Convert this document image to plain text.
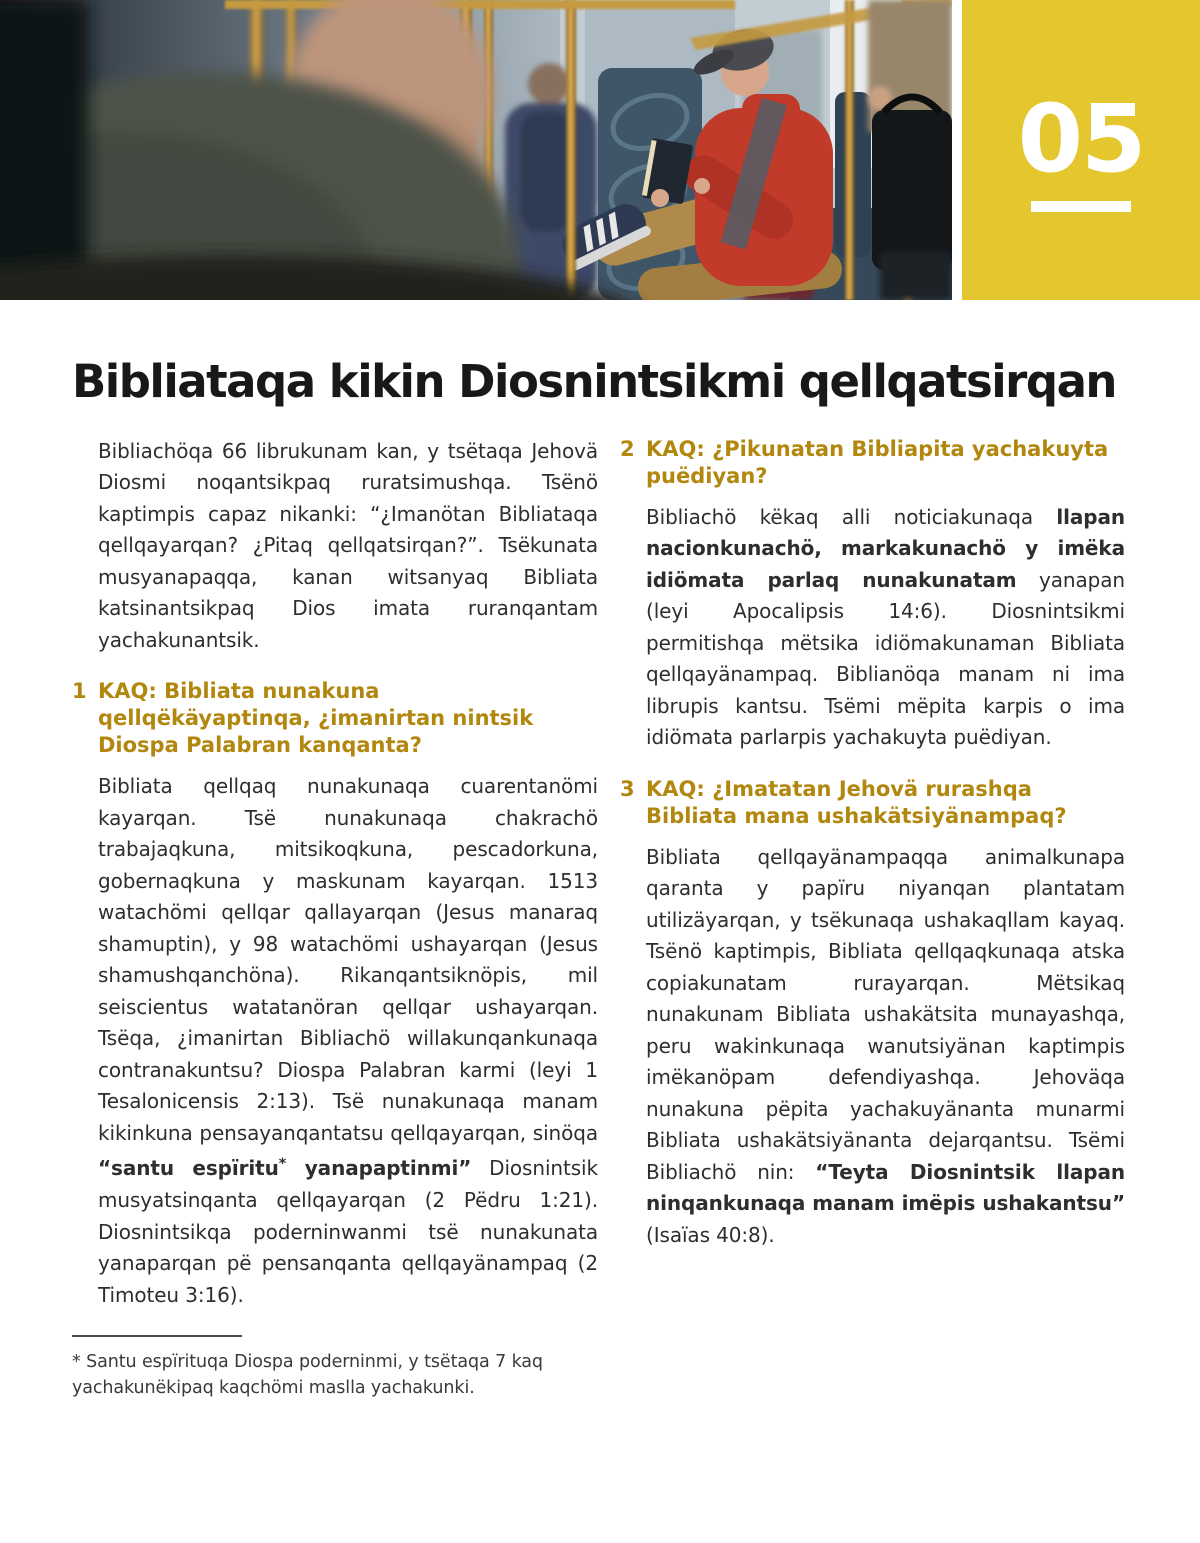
05
Bibliataqa kikin Diosnintsikmi qellqatsirqan

Bibliachöqa 66 librukunam kan, y tsëtaqa Jehovä Diosmi noqantsikpaq ruratsimushqa. Tsënö kaptimpis capaz nikanki: “¿Imanötan Bibliataqa qellqayarqan? ¿Pitaq qellqatsirqan?”. Tsëkunata musyanapaqqa, kanan witsanyaq Bibliata katsinantsikpaq Dios imata ruranqantam yachakunantsik.

1 KAQ: Bibliata nunakuna qellqëkäyaptinqa, ¿imanirtan nintsik Diospa Palabran kanqanta?

Bibliata qellqaq nunakunaqa cuarentanömi kayarqan. Tsë nunakunaqa chakrachö trabajaqkuna, mitsikoqkuna, pescadorkuna, gobernaqkuna y maskunam kayarqan. 1513 watachömi qellqar qallayarqan (Jesus manaraq shamuptin), y 98 watachömi ushayarqan (Jesus shamushqanchöna). Rikanqantsiknöpis, mil seiscientus watatanöran qellqar ushayarqan. Tsëqa, ¿imanirtan Bibliachö willakunqankunaqa contranakuntsu? Diospa Palabran karmi (leyi 1 Tesalonicensis 2:13). Tsë nunakunaqa manam kikinkuna pensayanqantatsu qellqayarqan, sinöqa “santu espïritu* yanapaptinmi” Diosnintsik musyatsinqanta qellqayarqan (2 Pëdru 1:21). Diosnintsikqa poderninwanmi tsë nunakunata yanaparqan pë pensanqanta qellqayänampaq (2 Timoteu 3:16).

* Santu espïrituqa Diospa poderninmi, y tsëtaqa 7 kaq yachakunëkipaq kaqchömi maslla yachakunki.

2 KAQ: ¿Pikunatan Bibliapita yachakuyta puëdiyan?

Bibliachö këkaq alli noticiakunaqa llapan nacionkunachö, markakunachö y imëka idiömata parlaq nunakunatam yanapan (leyi Apocalipsis 14:6). Diosnintsikmi permitishqa mëtsika idiömakunaman Bibliata qellqayänampaq. Biblianöqa manam ni ima librupis kantsu. Tsëmi mëpita karpis o ima idiömata parlarpis yachakuyta puëdiyan.

3 KAQ: ¿Imatatan Jehovä rurashqa Bibliata mana ushakätsiyänampaq?

Bibliata qellqayänampaqqa animalkunapa qaranta y papïru niyanqan plantatam utilizäyarqan, y tsëkunaqa ushakaqllam kayaq. Tsënö kaptimpis, Bibliata qellqaqkunaqa atska copiakunatam rurayarqan. Mëtsikaq nunakunam Bibliata ushakätsita munayashqa, peru wakinkunaqa wanutsiyänan kaptimpis imëkanöpam defendiyashqa. Jehoväqa nunakuna pëpita yachakuyänanta munarmi Bibliata ushakätsiyänanta dejarqantsu. Tsëmi Bibliachö nin: “Teyta Diosnintsik llapan ninqankunaqa manam imëpis ushakantsu” (Isaïas 40:8).
